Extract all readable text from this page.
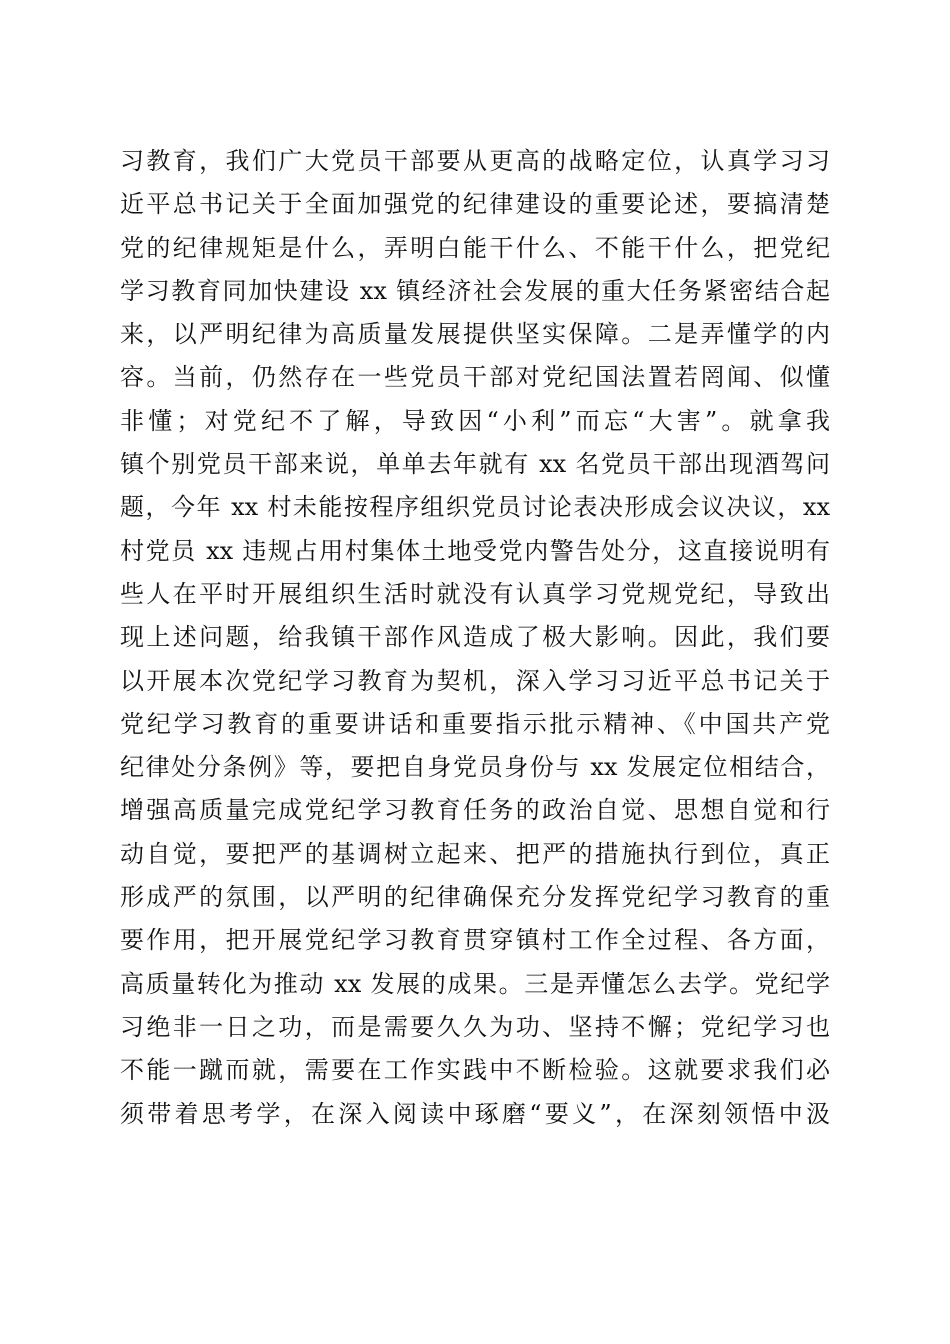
习教育，我们广大党员干部要从更高的战略定位，认真学习习
近平总书记关于全面加强党的纪律建设的重要论述，要搞清楚
党的纪律规矩是什么，弄明白能干什么、不能干什么，把党纪
学习教育同加快建设 xx 镇经济社会发展的重大任务紧密结合起
来，以严明纪律为高质量发展提供坚实保障。二是弄懂学的内
容。当前，仍然存在一些党员干部对党纪国法置若罔闻、似懂
非懂；对党纪不了解，导致因“小利”而忘“大害”。就拿我
镇个别党员干部来说，单单去年就有 xx 名党员干部出现酒驾问
题，今年 xx 村未能按程序组织党员讨论表决形成会议决议，xx
村党员 xx 违规占用村集体土地受党内警告处分，这直接说明有
些人在平时开展组织生活时就没有认真学习党规党纪，导致出
现上述问题，给我镇干部作风造成了极大影响。因此，我们要
以开展本次党纪学习教育为契机，深入学习习近平总书记关于
党纪学习教育的重要讲话和重要指示批示精神、《中国共产党
纪律处分条例》等，要把自身党员身份与 xx 发展定位相结合，
增强高质量完成党纪学习教育任务的政治自觉、思想自觉和行
动自觉，要把严的基调树立起来、把严的措施执行到位，真正
形成严的氛围，以严明的纪律确保充分发挥党纪学习教育的重
要作用，把开展党纪学习教育贯穿镇村工作全过程、各方面，
高质量转化为推动 xx 发展的成果。三是弄懂怎么去学。党纪学
习绝非一日之功，而是需要久久为功、坚持不懈；党纪学习也
不能一蹴而就，需要在工作实践中不断检验。这就要求我们必
须带着思考学，在深入阅读中琢磨“要义”，在深刻领悟中汲
